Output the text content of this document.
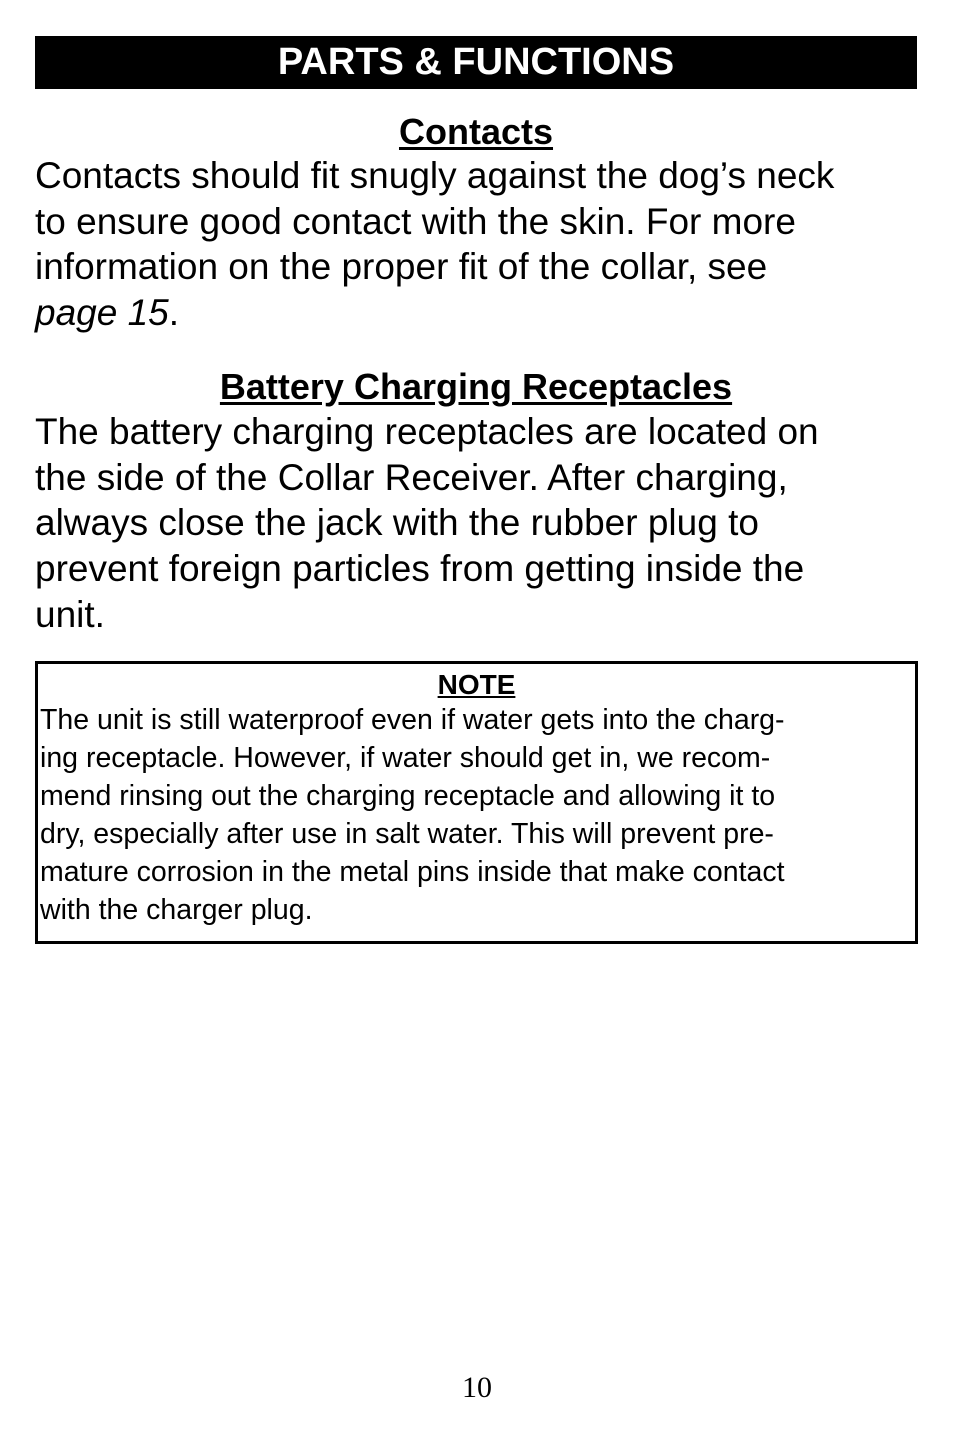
PARTS & FUNCTIONS
Contacts
Contacts should fit snugly against the dog’s neck
to ensure good contact with the skin. For more
information on the proper fit of the collar, see
page 15.
Battery Charging Receptacles
The battery charging receptacles are located on
the side of the Collar Receiver. After charging,
always close the jack with the rubber plug to
prevent foreign particles from getting inside the
unit.
NOTE
The unit is still waterproof even if water gets into the charg-
ing receptacle. However, if water should get in, we recom-
mend rinsing out the charging receptacle and allowing it to
dry, especially after use in salt water. This will prevent pre-
mature corrosion in the metal pins inside that make contact
with the charger plug.
10
